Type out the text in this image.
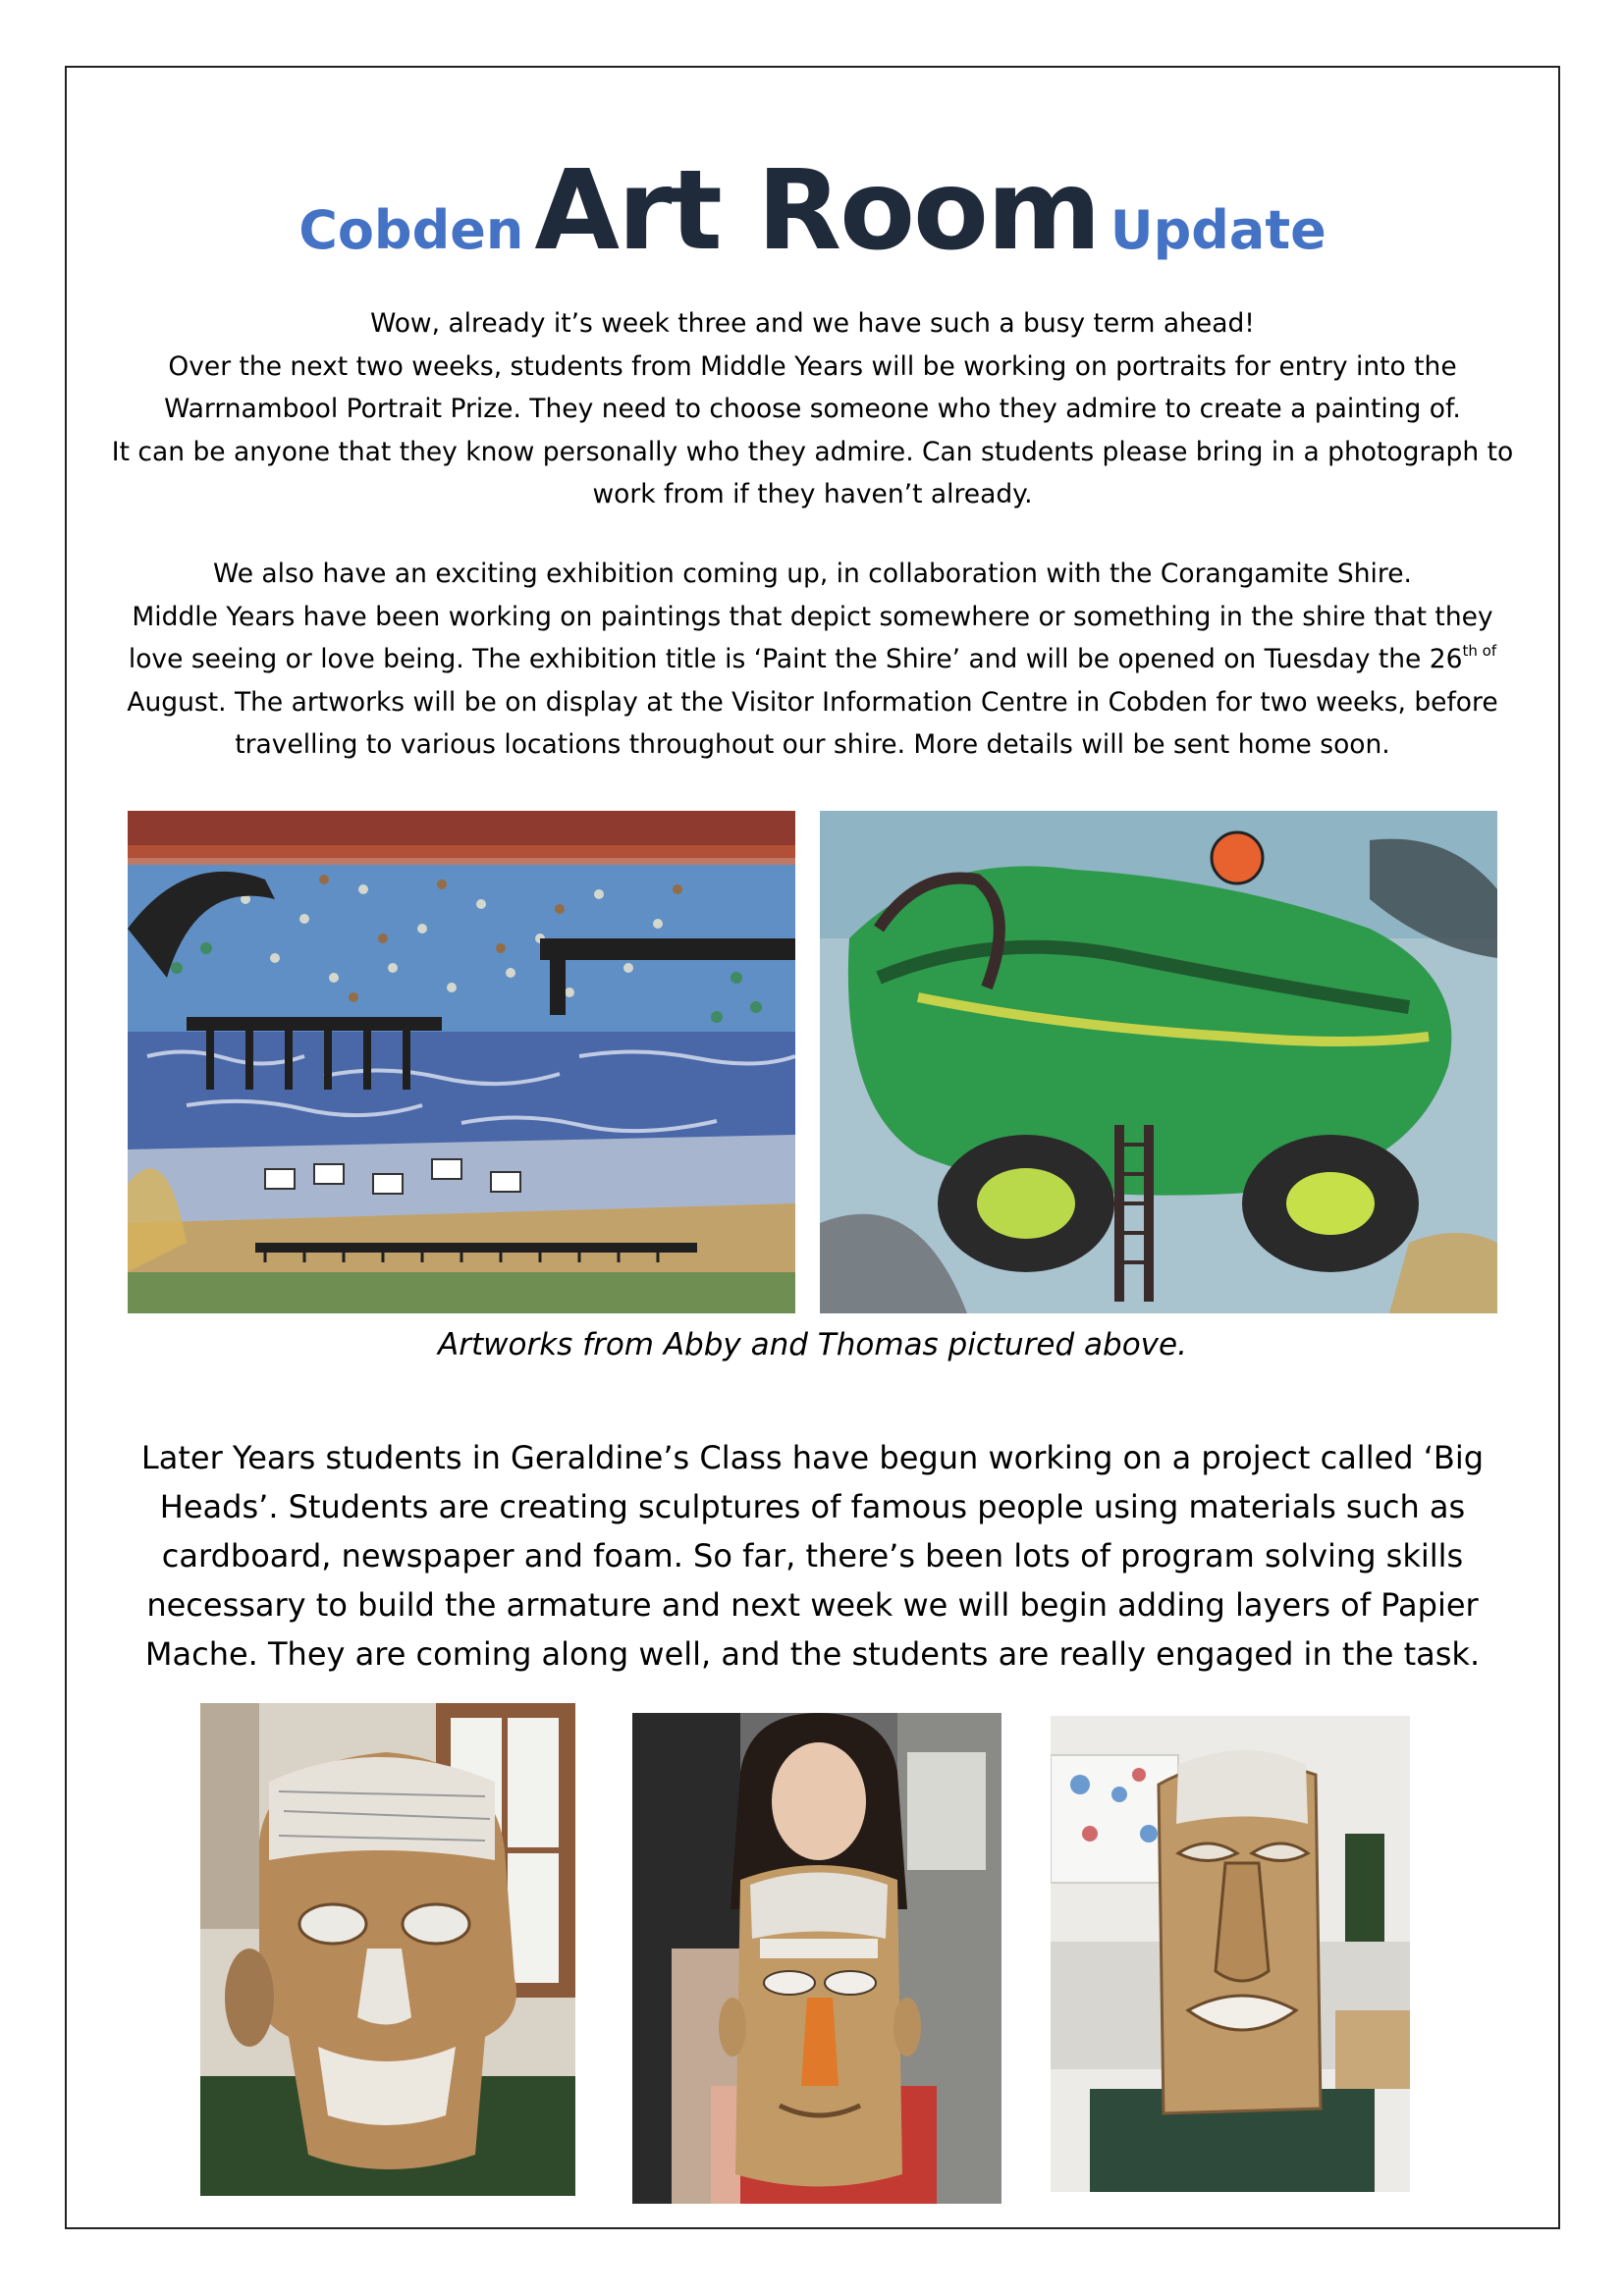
Cobden Art Room Update
Wow, already it’s week three and we have such a busy term ahead!
Over the next two weeks, students from Middle Years will be working on portraits for entry into the
Warrnambool Portrait Prize. They need to choose someone who they admire to create a painting of.
It can be anyone that they know personally who they admire. Can students please bring in a photograph to
work from if they haven’t already.
We also have an exciting exhibition coming up, in collaboration with the Corangamite Shire.
Middle Years have been working on paintings that depict somewhere or something in the shire that they
love seeing or love being. The exhibition title is ‘Paint the Shire’ and will be opened on Tuesday the $26^{th of}$
August. The artworks will be on display at the Visitor Information Centre in Cobden for two weeks, before
travelling to various locations throughout our shire. More details will be sent home soon.
Artworks from Abby and Thomas pictured above.
Later Years students in Geraldine’s Class have begun working on a project called ‘Big
Heads’. Students are creating sculptures of famous people using materials such as
cardboard, newspaper and foam. So far, there’s been lots of program solving skills
necessary to build the armature and next week we will begin adding layers of Papier
Mache. They are coming along well, and the students are really engaged in the task.
